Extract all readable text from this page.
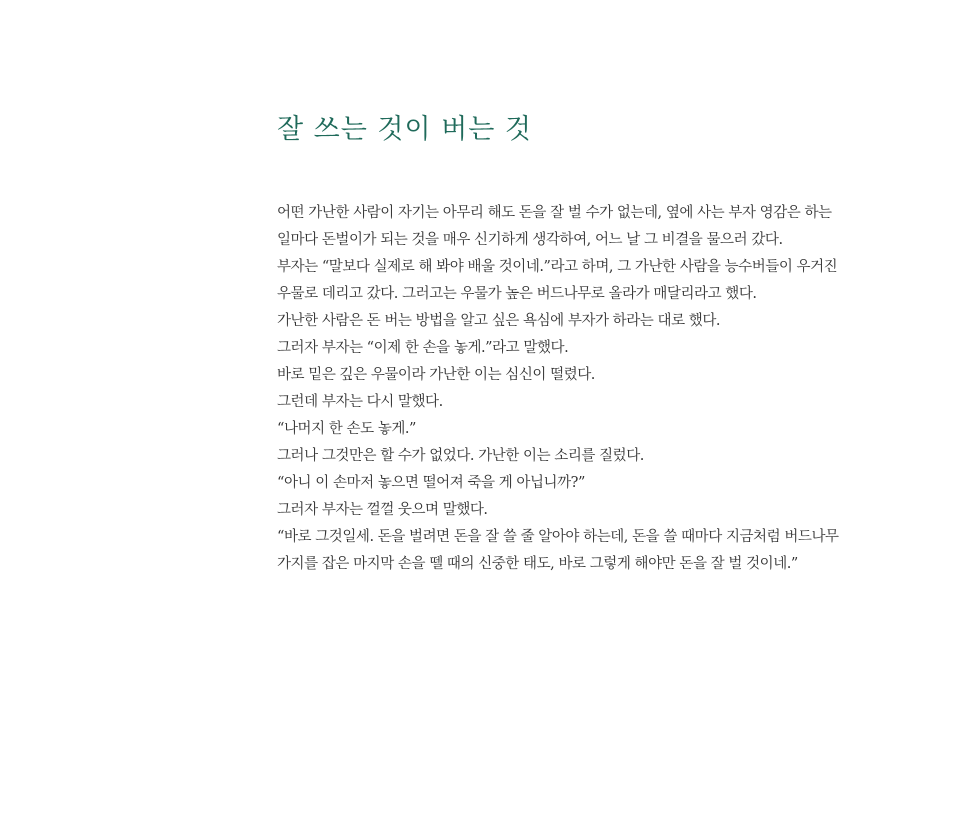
잘 쓰는 것이 버는 것
어떤 가난한 사람이 자기는 아무리 해도 돈을 잘 벌 수가 없는데, 옆에 사는 부자 영감은 하는
일마다 돈벌이가 되는 것을 매우 신기하게 생각하여, 어느 날 그 비결을 물으러 갔다.
부자는 “말보다 실제로 해 봐야 배울 것이네.”라고 하며, 그 가난한 사람을 능수버들이 우거진
우물로 데리고 갔다. 그러고는 우물가 높은 버드나무로 올라가 매달리라고 했다.
가난한 사람은 돈 버는 방법을 알고 싶은 욕심에 부자가 하라는 대로 했다.
그러자 부자는 “이제 한 손을 놓게.”라고 말했다.
바로 밑은 깊은 우물이라 가난한 이는 심신이 떨렸다.
그런데 부자는 다시 말했다.
“나머지 한 손도 놓게.”
그러나 그것만은 할 수가 없었다. 가난한 이는 소리를 질렀다.
“아니 이 손마저 놓으면 떨어져 죽을 게 아닙니까?”
그러자 부자는 껄껄 웃으며 말했다.
“바로 그것일세. 돈을 벌려면 돈을 잘 쓸 줄 알아야 하는데, 돈을 쓸 때마다 지금처럼 버드나무
가지를 잡은 마지막 손을 뗄 때의 신중한 태도, 바로 그렇게 해야만 돈을 잘 벌 것이네.”
